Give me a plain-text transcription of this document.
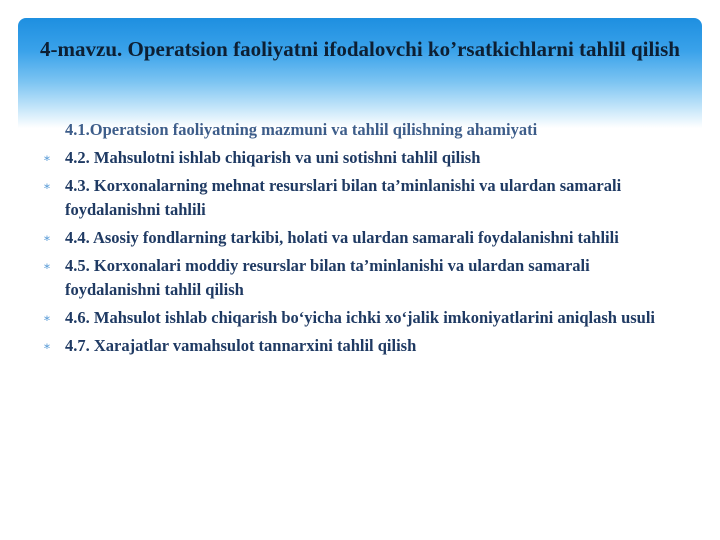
4-mavzu. Operatsion faoliyatni ifodalovchi ko’rsatkichlarni tahlil qilish
4.1.Operatsion faoliyatning mazmuni va tahlil qilishning ahamiyati
∗ 4.2. Mahsulotni ishlab chiqarish va uni sotishni tahlil qilish
∗ 4.3. Korxonalarning mehnat resurslari bilan ta’minlanishi va ulardan samarali foydalanishni tahlili
∗ 4.4. Asosiy fondlarning tarkibi, holati va ulardan samarali foydalanishni tahlili
∗ 4.5. Korxonalari moddiy resurslar bilan ta’minlanishi va ulardan samarali foydalanishni tahlil qilish
∗ 4.6. Mahsulot ishlab chiqarish bo‘yicha ichki xo‘jalik imkoniyatlarini aniqlash usuli
∗ 4.7. Xarajatlar vamahsulot tannarxini tahlil qilish
